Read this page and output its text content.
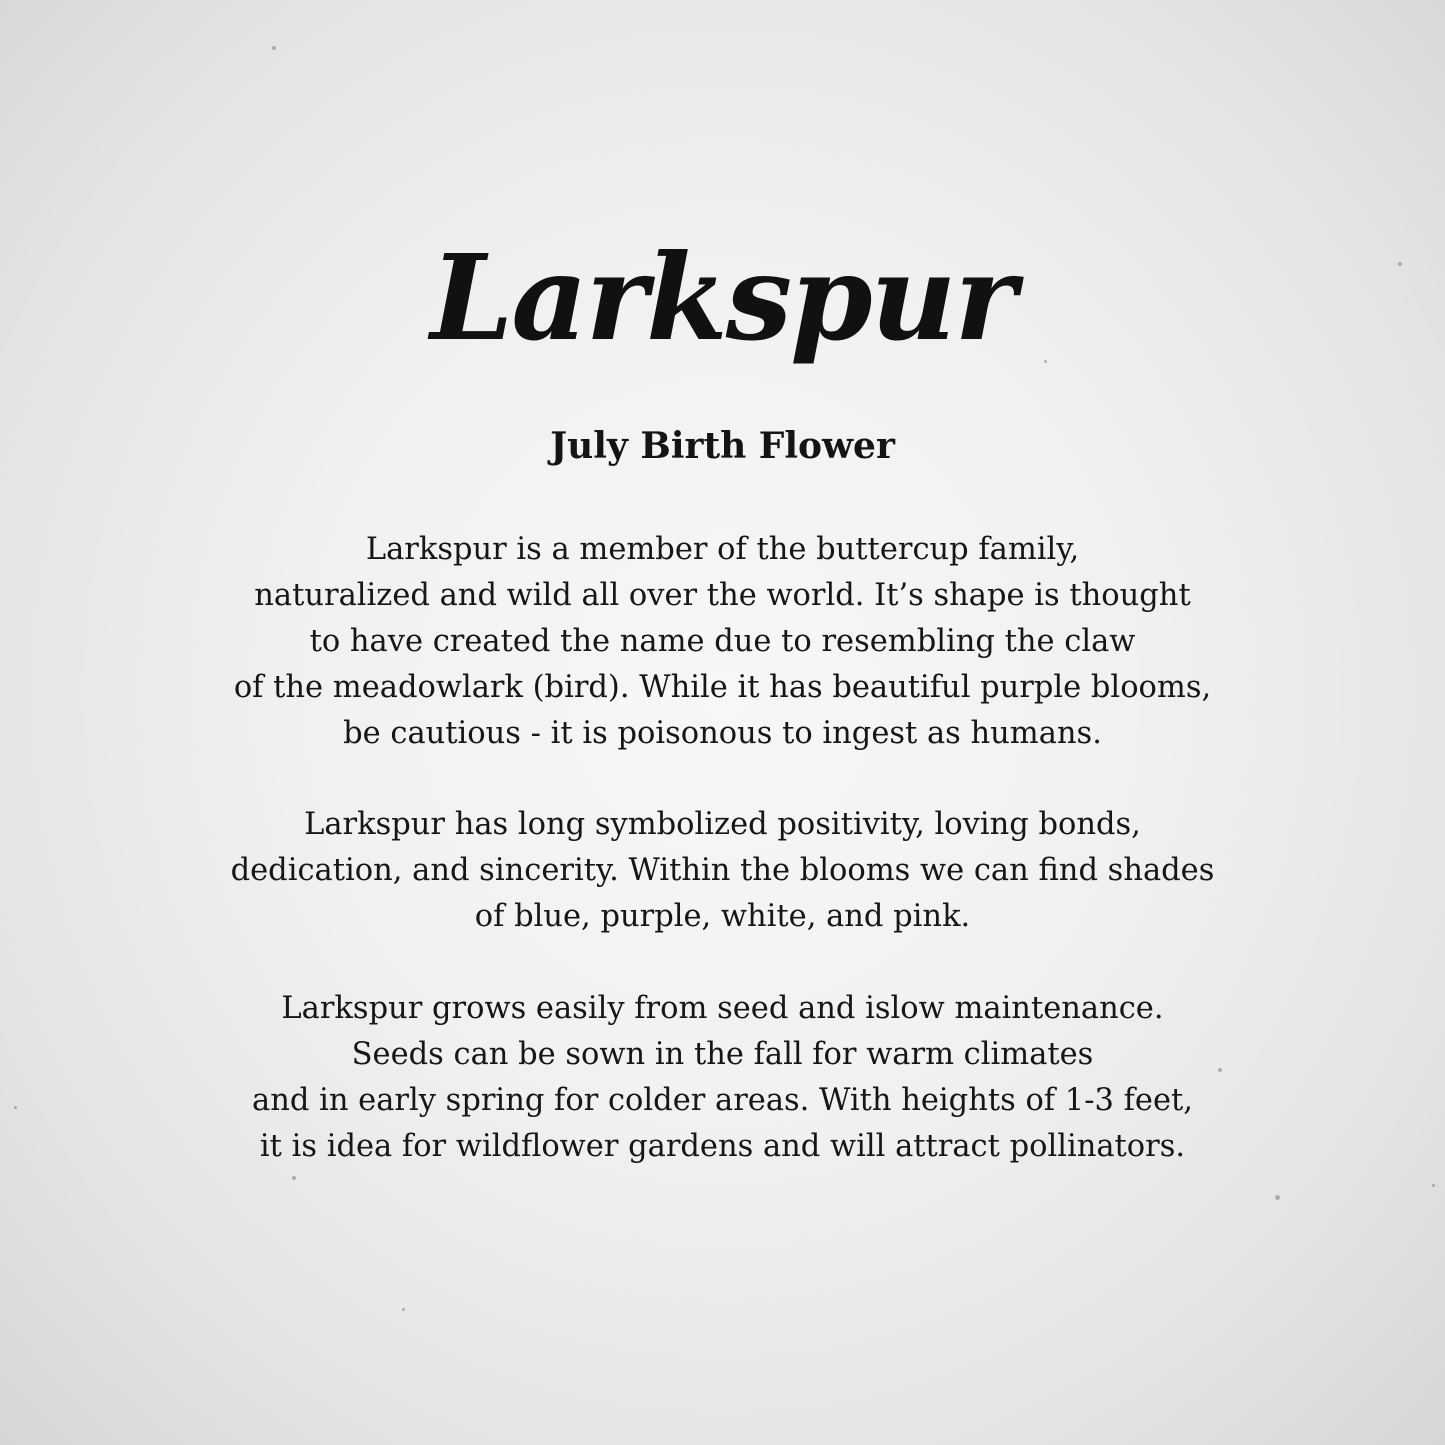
Larkspur
July Birth Flower
Larkspur is a member of the buttercup family,
naturalized and wild all over the world. It’s shape is thought
to have created the name due to resembling the claw
of the meadowlark (bird). While it has beautiful purple blooms,
be cautious - it is poisonous to ingest as humans.
Larkspur has long symbolized positivity, loving bonds,
dedication, and sincerity. Within the blooms we can find shades
of blue, purple, white, and pink.
Larkspur grows easily from seed and islow maintenance.
Seeds can be sown in the fall for warm climates
and in early spring for colder areas. With heights of 1-3 feet,
it is idea for wildflower gardens and will attract pollinators.
